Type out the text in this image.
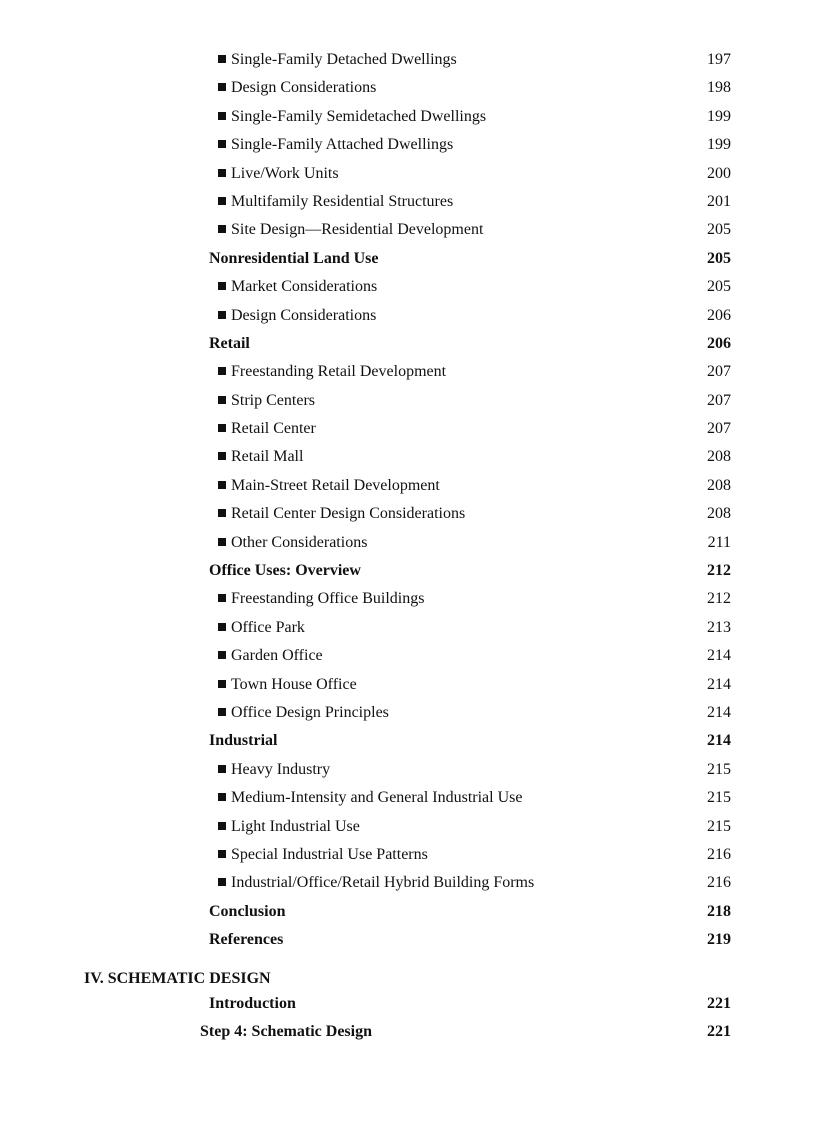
Single-Family Detached Dwellings	197
Design Considerations	198
Single-Family Semidetached Dwellings	199
Single-Family Attached Dwellings	199
Live/Work Units	200
Multifamily Residential Structures	201
Site Design—Residential Development	205
Nonresidential Land Use	205
Market Considerations	205
Design Considerations	206
Retail	206
Freestanding Retail Development	207
Strip Centers	207
Retail Center	207
Retail Mall	208
Main-Street Retail Development	208
Retail Center Design Considerations	208
Other Considerations	211
Office Uses: Overview	212
Freestanding Office Buildings	212
Office Park	213
Garden Office	214
Town House Office	214
Office Design Principles	214
Industrial	214
Heavy Industry	215
Medium-Intensity and General Industrial Use	215
Light Industrial Use	215
Special Industrial Use Patterns	216
Industrial/Office/Retail Hybrid Building Forms	216
Conclusion	218
References	219
IV. SCHEMATIC DESIGN
Introduction	221
Step 4: Schematic Design	221
